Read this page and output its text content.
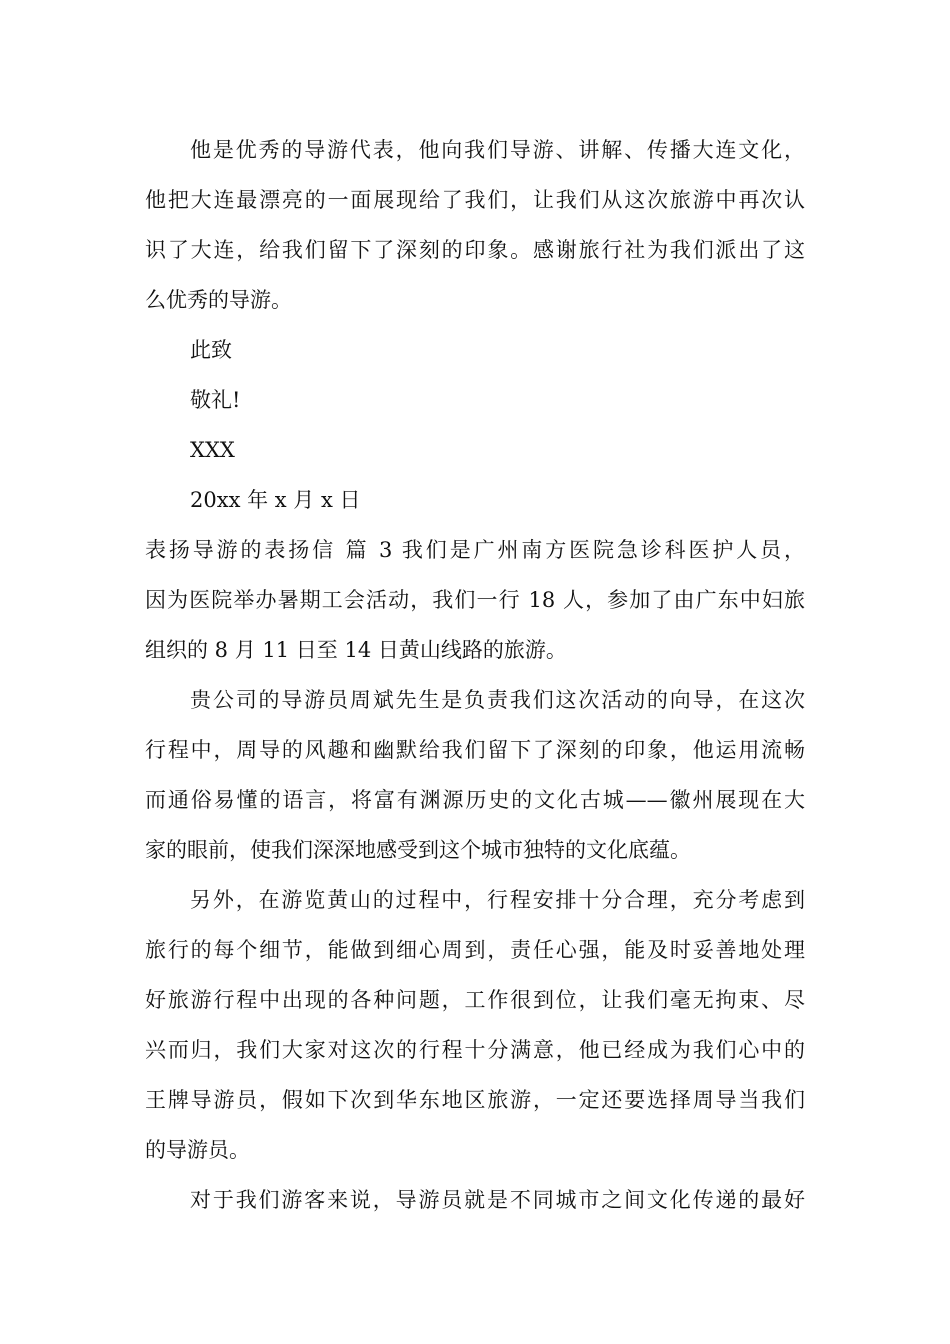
他是优秀的导游代表，他向我们导游、讲解、传播大连文化，
他把大连最漂亮的一面展现给了我们，让我们从这次旅游中再次认
识了大连，给我们留下了深刻的印象。感谢旅行社为我们派出了这
么优秀的导游。
此致
敬礼!
XXX
20xx 年 x 月 x 日
表扬导游的表扬信 篇 3 我们是广州南方医院急诊科医护人员，
因为医院举办暑期工会活动，我们一行 18 人，参加了由广东中妇旅
组织的 8 月 11 日至 14 日黄山线路的旅游。
贵公司的导游员周斌先生是负责我们这次活动的向导，在这次
行程中，周导的风趣和幽默给我们留下了深刻的印象，他运用流畅
而通俗易懂的语言，将富有渊源历史的文化古城——徽州展现在大
家的眼前，使我们深深地感受到这个城市独特的文化底蕴。
另外，在游览黄山的过程中，行程安排十分合理，充分考虑到
旅行的每个细节，能做到细心周到，责任心强，能及时妥善地处理
好旅游行程中出现的各种问题，工作很到位，让我们毫无拘束、尽
兴而归，我们大家对这次的行程十分满意，他已经成为我们心中的
王牌导游员，假如下次到华东地区旅游，一定还要选择周导当我们
的导游员。
对于我们游客来说，导游员就是不同城市之间文化传递的最好
